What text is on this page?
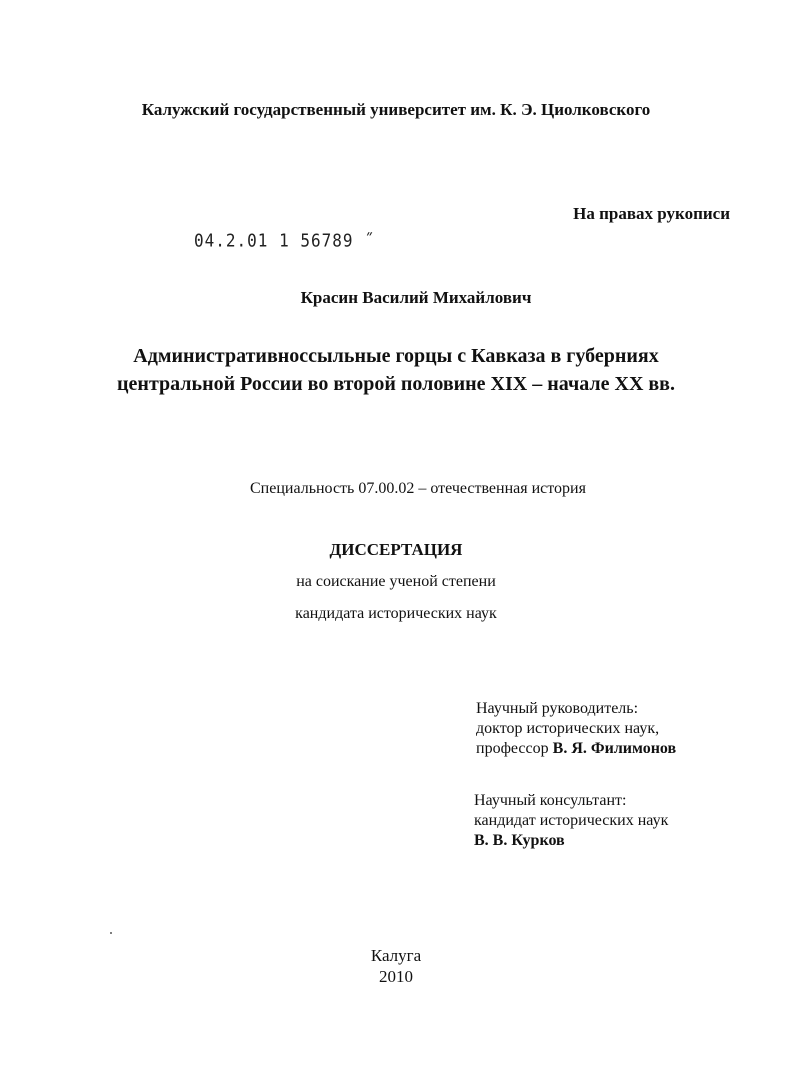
Калужский государственный университет им. К. Э. Циолковского
На правах рукописи
04.2.01 1 56789 ˝
Красин Василий Михайлович
Административноссыльные горцы с Кавказа в губерниях
центральной России во второй половине XIX – начале XX вв.
Специальность 07.00.02 – отечественная история
ДИССЕРТАЦИЯ
на соискание ученой степени
кандидата исторических наук
Научный руководитель:
доктор исторических наук,
профессор В. Я. Филимонов
Научный консультант:
кандидат исторических наук
В. В. Курков
Калуга
2010
